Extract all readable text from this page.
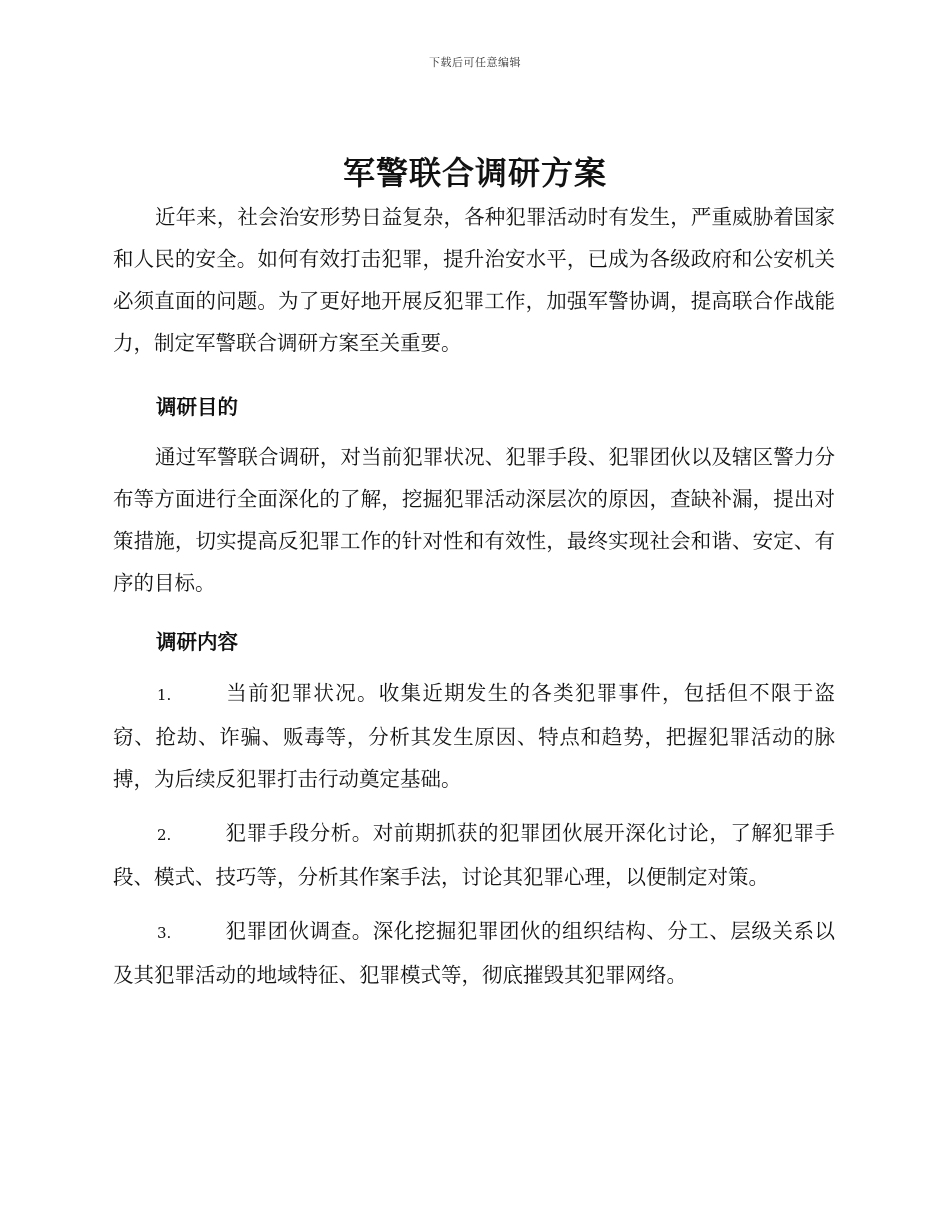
下载后可任意编辑
军警联合调研方案
近年来，社会治安形势日益复杂，各种犯罪活动时有发生，严重威胁着国家和人民的安全。如何有效打击犯罪，提升治安水平，已成为各级政府和公安机关必须直面的问题。为了更好地开展反犯罪工作，加强军警协调，提高联合作战能力，制定军警联合调研方案至关重要。
调研目的
通过军警联合调研，对当前犯罪状况、犯罪手段、犯罪团伙以及辖区警力分布等方面进行全面深化的了解，挖掘犯罪活动深层次的原因，查缺补漏，提出对策措施，切实提高反犯罪工作的针对性和有效性，最终实现社会和谐、安定、有序的目标。
调研内容
1.	当前犯罪状况。收集近期发生的各类犯罪事件，包括但不限于盗窃、抢劫、诈骗、贩毒等，分析其发生原因、特点和趋势，把握犯罪活动的脉搏，为后续反犯罪打击行动奠定基础。
2.	犯罪手段分析。对前期抓获的犯罪团伙展开深化讨论，了解犯罪手段、模式、技巧等，分析其作案手法，讨论其犯罪心理，以便制定对策。
3.	犯罪团伙调查。深化挖掘犯罪团伙的组织结构、分工、层级关系以及其犯罪活动的地域特征、犯罪模式等，彻底摧毁其犯罪网络。
